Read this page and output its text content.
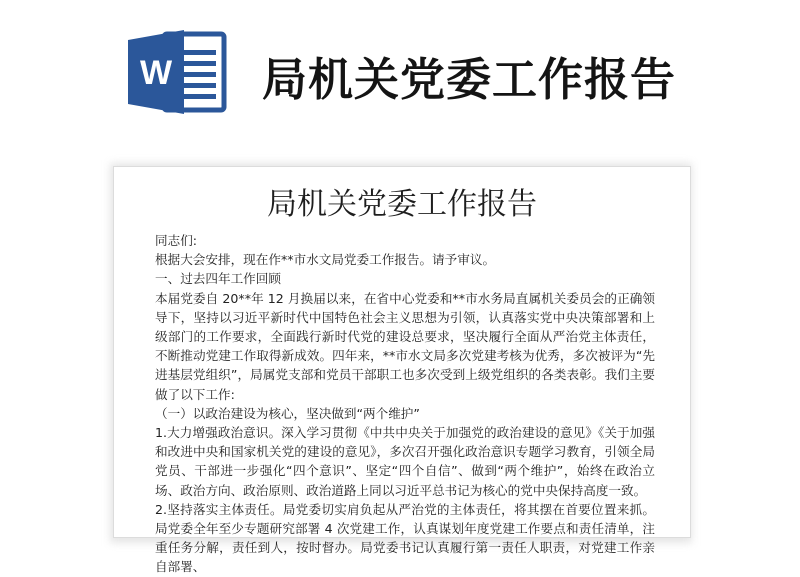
W 局机关党委工作报告
局机关党委工作报告

同志们:

根据大会安排，现在作**市水文局党委工作报告。请予审议。

一、过去四年工作回顾

本届党委自 20**年 12 月换届以来，在省中心党委和**市水务局直属机关委员会的正确领导下，坚持以习近平新时代中国特色社会主义思想为引领，认真落实党中央决策部署和上级部门的工作要求，全面践行新时代党的建设总要求，坚决履行全面从严治党主体责任，不断推动党建工作取得新成效。四年来，**市水文局多次党建考核为优秀，多次被评为“先进基层党组织”，局属党支部和党员干部职工也多次受到上级党组织的各类表彰。我们主要做了以下工作:

（一）以政治建设为核心，坚决做到“两个维护”

1.大力增强政治意识。深入学习贯彻《中共中央关于加强党的政治建设的意见》《关于加强和改进中央和国家机关党的建设的意见》，多次召开强化政治意识专题学习教育，引领全局党员、干部进一步强化“四个意识”、坚定“四个自信”、做到“两个维护”，始终在政治立场、政治方向、政治原则、政治道路上同以习近平总书记为核心的党中央保持高度一致。

2.坚持落实主体责任。局党委切实肩负起从严治党的主体责任，将其摆在首要位置来抓。局党委全年至少专题研究部署 4 次党建工作，认真谋划年度党建工作要点和责任清单，注重任务分解，责任到人，按时督办。局党委书记认真履行第一责任人职责，对党建工作亲自部署、
